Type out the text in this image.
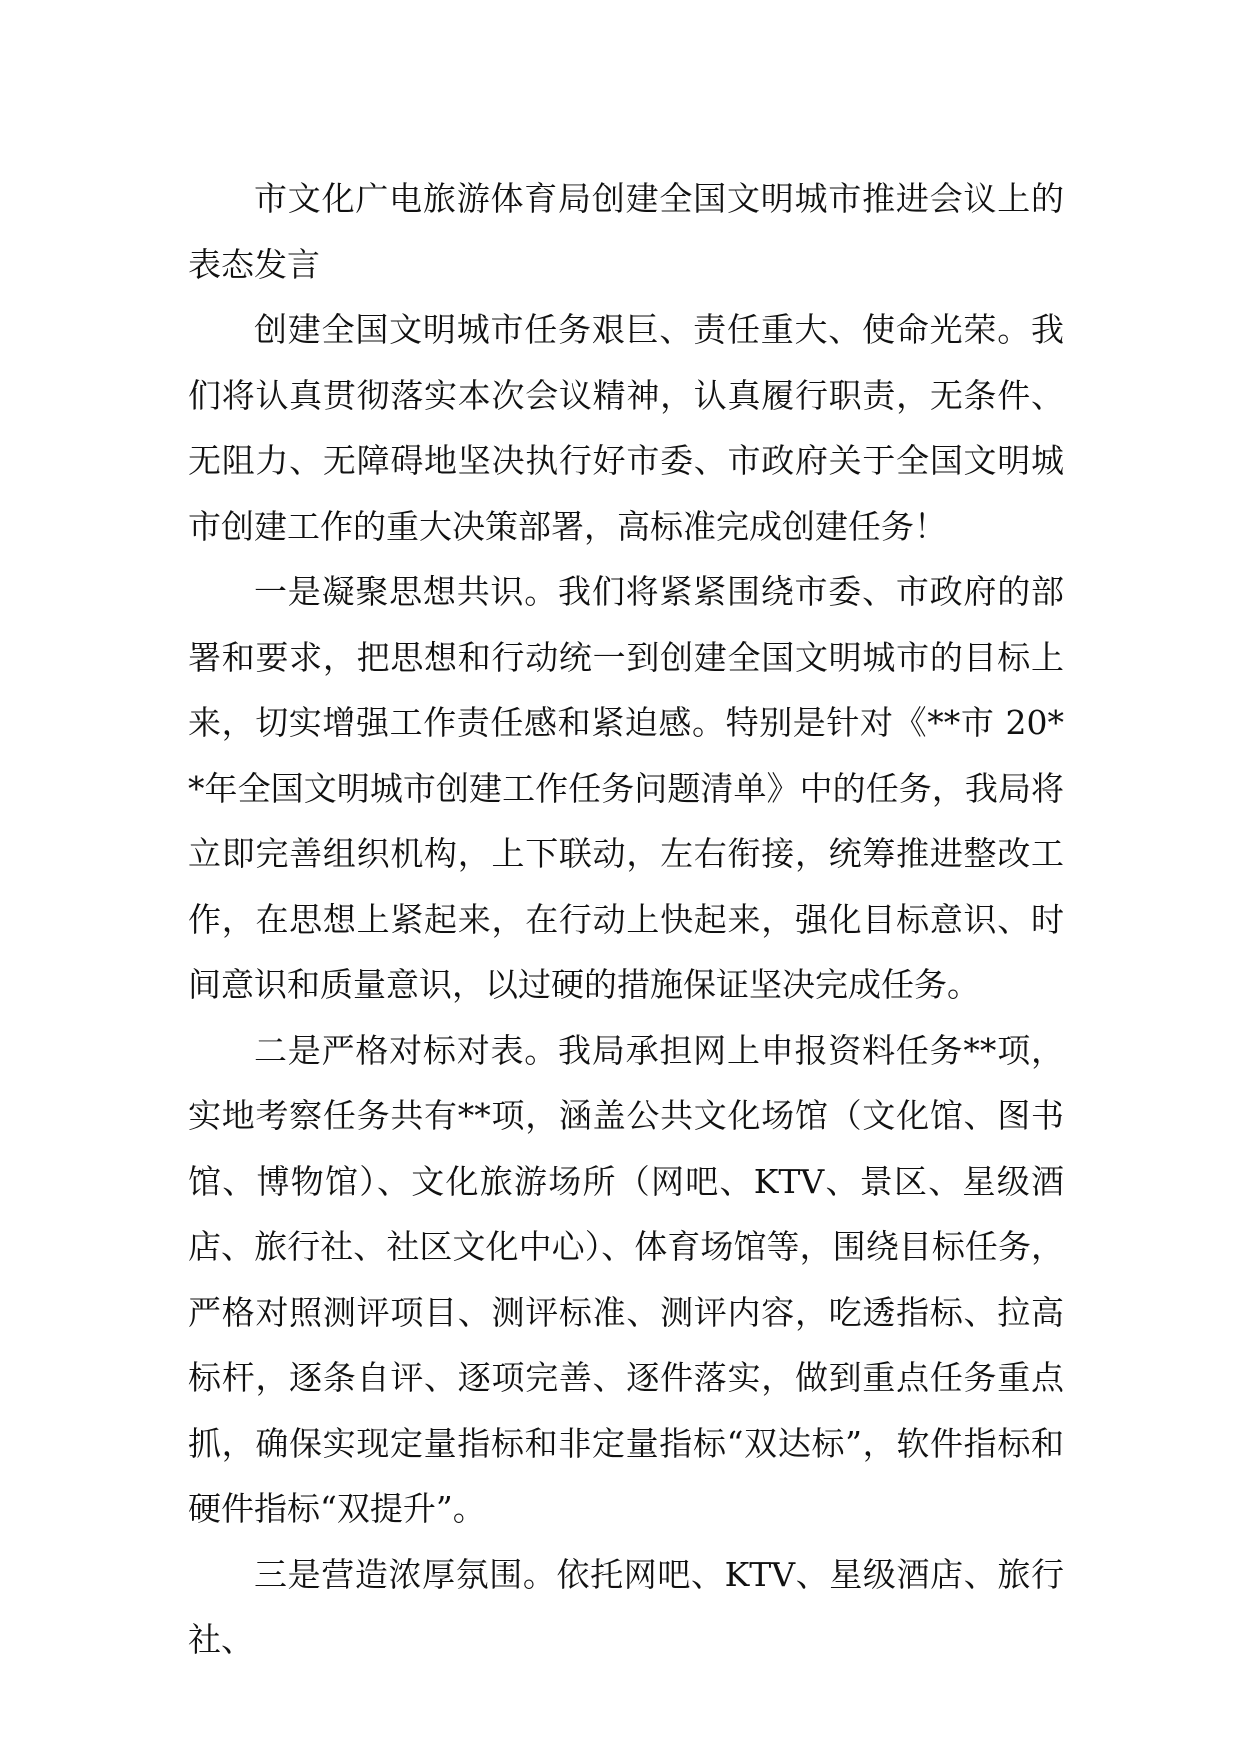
市文化广电旅游体育局创建全国文明城市推进会议上的表态发言

创建全国文明城市任务艰巨、责任重大、使命光荣。我们将认真贯彻落实本次会议精神，认真履行职责，无条件、无阻力、无障碍地坚决执行好市委、市政府关于全国文明城市创建工作的重大决策部署，高标准完成创建任务！

一是凝聚思想共识。我们将紧紧围绕市委、市政府的部署和要求，把思想和行动统一到创建全国文明城市的目标上来，切实增强工作责任感和紧迫感。特别是针对《**市 20**年全国文明城市创建工作任务问题清单》中的任务，我局将立即完善组织机构，上下联动，左右衔接，统筹推进整改工作，在思想上紧起来，在行动上快起来，强化目标意识、时间意识和质量意识，以过硬的措施保证坚决完成任务。

二是严格对标对表。我局承担网上申报资料任务**项，实地考察任务共有**项，涵盖公共文化场馆（文化馆、图书馆、博物馆）、文化旅游场所（网吧、KTV、景区、星级酒店、旅行社、社区文化中心）、体育场馆等，围绕目标任务，严格对照测评项目、测评标准、测评内容，吃透指标、拉高标杆，逐条自评、逐项完善、逐件落实，做到重点任务重点抓，确保实现定量指标和非定量指标“双达标”，软件指标和硬件指标“双提升”。

三是营造浓厚氛围。依托网吧、KTV、星级酒店、旅行社、
